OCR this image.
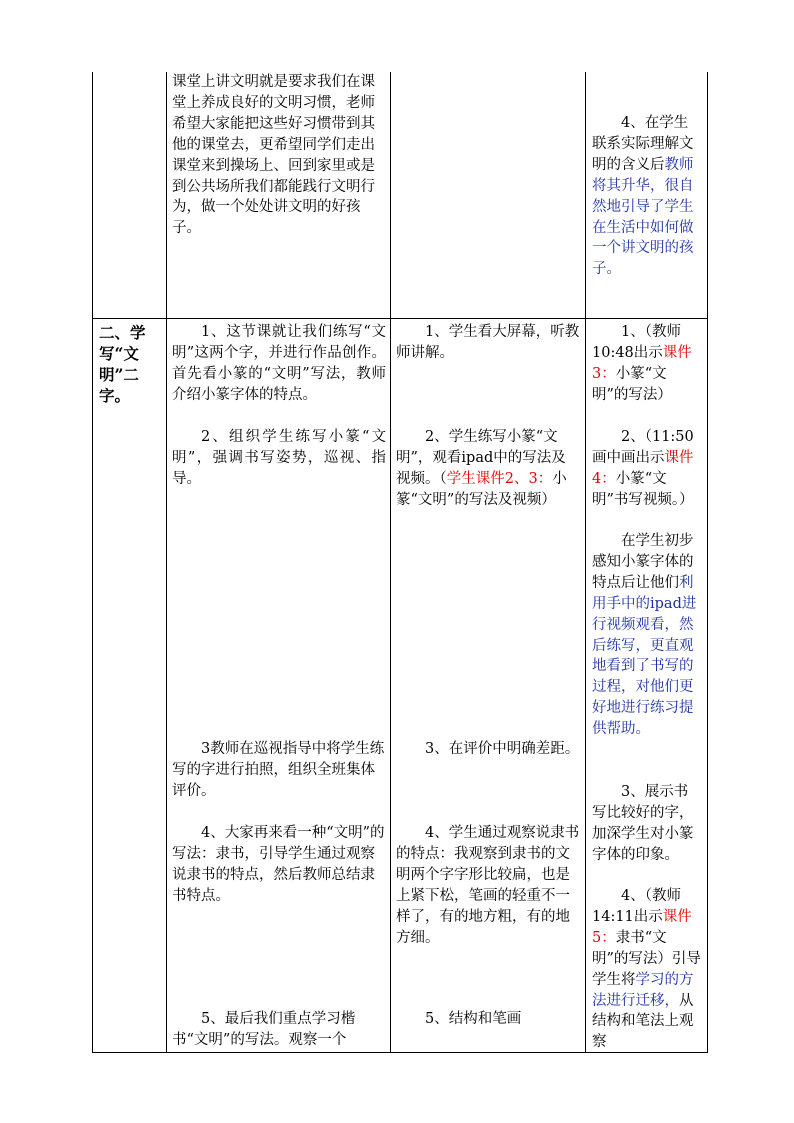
课堂上讲文明就是要求我们在课堂上养成良好的文明习惯，老师希望大家能把这些好习惯带到其他的课堂去，更希望同学们走出课堂来到操场上、回到家里或是到公共场所我们都能践行文明行为，做一个处处讲文明的好孩子。

4、在学生联系实际理解文明的含义后教师将其升华，很自然地引导了学生在生活中如何做一个讲文明的孩子。

二、学写“文明”二字。

1、这节课就让我们练写“文明”这两个字，并进行作品创作。首先看小篆的“文明”写法，教师介绍小篆字体的特点。

2、组织学生练写小篆“文明”，强调书写姿势，巡视、指导。

3教师在巡视指导中将学生练写的字进行拍照，组织全班集体评价。

4、大家再来看一种“文明”的写法：隶书，引导学生通过观察说隶书的特点，然后教师总结隶书特点。

5、最后我们重点学习楷书“文明”的写法。观察一个

1、学生看大屏幕，听教师讲解。

2、学生练写小篆“文明”，观看ipad中的写法及视频。（学生课件2、3：小篆“文明”的写法及视频）

3、在评价中明确差距。

4、学生通过观察说隶书的特点：我观察到隶书的文明两个字字形比较扁，也是上紧下松，笔画的轻重不一样了，有的地方粗，有的地方细。

5、结构和笔画

1、（教师10:48出示课件3：小篆“文明”的写法）

2、（11:50画中画出示课件4：小篆“文明”书写视频。）

在学生初步感知小篆字体的特点后让他们利用手中的ipad进行视频观看，然后练写，更直观地看到了书写的过程，对他们更好地进行练习提供帮助。

3、展示书写比较好的字，加深学生对小篆字体的印象。

4、（教师14:11出示课件5：隶书“文明”的写法）引导学生将学习的方法进行迁移，从结构和笔法上观察
